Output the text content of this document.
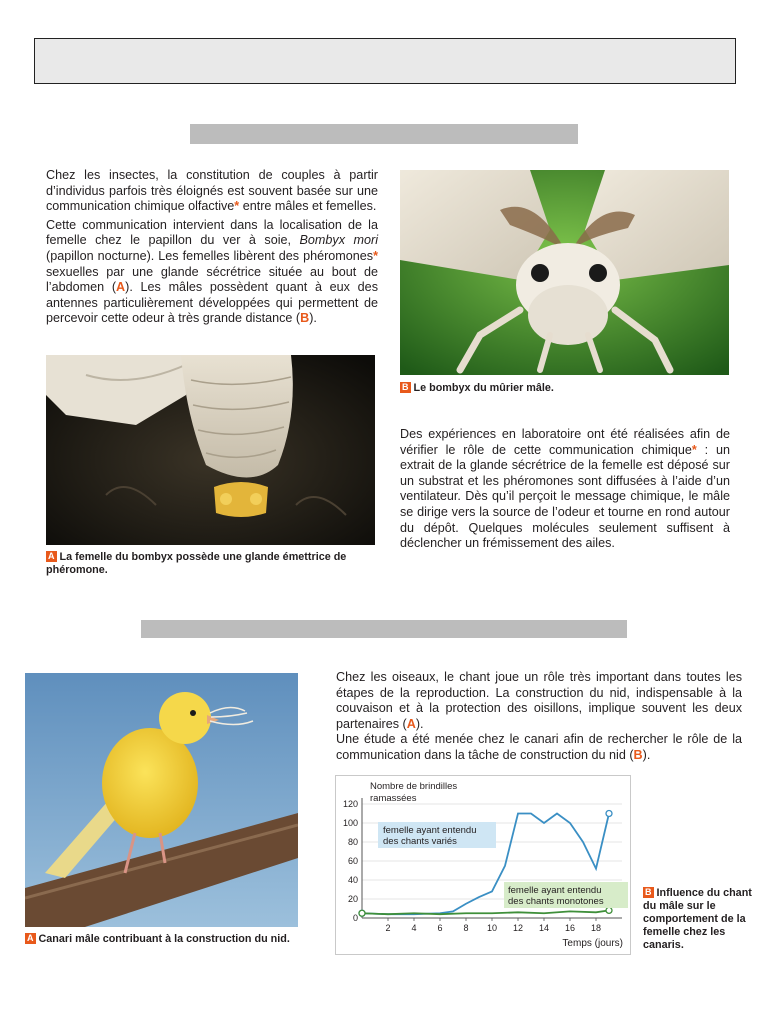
Chez les insectes, la constitution de couples à partir d’individus parfois très éloignés est souvent basée sur une communication chimique olfactive* entre mâles et femelles.

Cette communication intervient dans la localisation de la femelle chez le papillon du ver à soie, Bombyx mori (papillon nocturne). Les femelles libèrent des phéromones* sexuelles par une glande sécrétrice située au bout de l’abdomen (A). Les mâles possèdent quant à eux des antennes particulièrement développées qui permettent de percevoir cette odeur à très grande distance (B).

B Le bombyx du mûrier mâle.
A La femelle du bombyx possède une glande émettrice de phéromone.

Des expériences en laboratoire ont été réalisées afin de vérifier le rôle de cette communication chimique* : un extrait de la glande sécrétrice de la femelle est déposé sur un substrat et les phéromones sont diffusées à l’aide d’un ventilateur. Dès qu’il perçoit le message chimique, le mâle se dirige vers la source de l’odeur et tourne en rond autour du dépôt. Quelques molécules seulement suffisent à déclencher un frémissement des ailes.

A Canari mâle contribuant à la construction du nid.

Chez les oiseaux, le chant joue un rôle très important dans toutes les étapes de la reproduction. La construction du nid, indispensable à la couvaison et à la protection des oisillons, implique souvent les deux partenaires (A).

Une étude a été menée chez le canari afin de rechercher le rôle de la communication dans la tâche de construction du nid (B).

0
20
40
60
80
100
120
2 4 6 8 10 12 14 16 18
Nombre de brindilles
ramassées
Temps (jours)
femelle ayant entendu
des chants variés
femelle ayant entendu
des chants monotones
B Influence du chant du mâle sur le comportement de la femelle chez les canaris.
